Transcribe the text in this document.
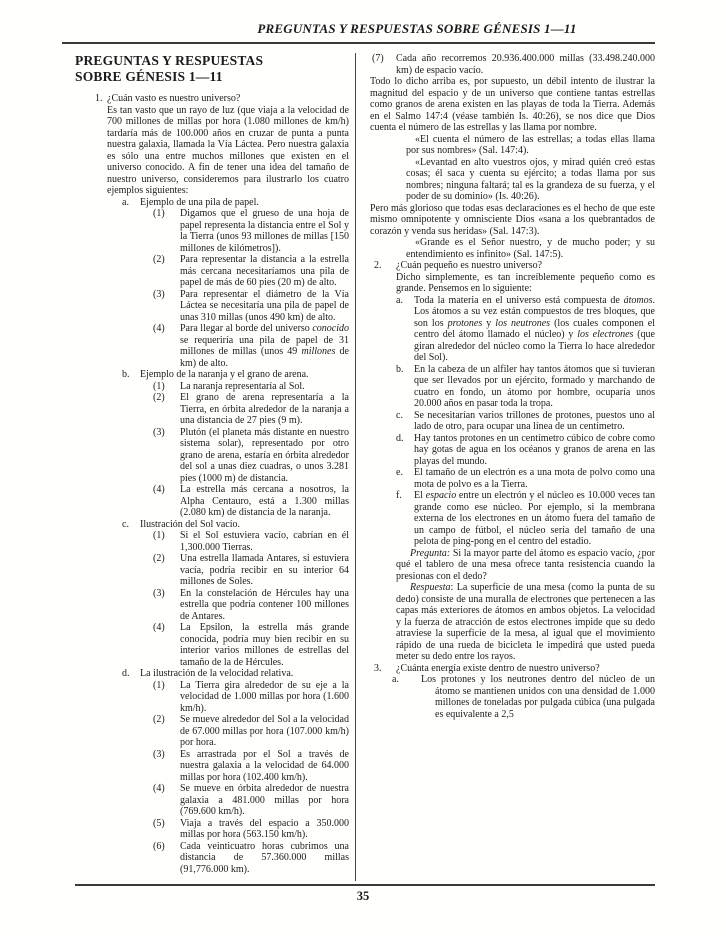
PREGUNTAS Y RESPUESTAS SOBRE GÉNESIS 1—11
PREGUNTAS Y RESPUESTAS
SOBRE GÉNESIS 1—11
1. ¿Cuán vasto es nuestro universo?
Es tan vasto que un rayo de luz (que viaja a la velocidad de 700 millones de millas por hora (1.080 millones de km/h) tardaría más de 100.000 años en cruzar de punta a punta nuestra galaxia, llamada la Vía Láctea. Pero nuestra galaxia es sólo una entre muchos millones que existen en el universo conocido. A fin de tener una idea del tamaño de nuestro universo, consideremos para ilustrarlo los cuatro ejemplos siguientes:
a. Ejemplo de una pila de papel.
(1) Digamos que el grueso de una hoja de papel representa la distancia entre el Sol y la Tierra (unos 93 millones de millas [150 millones de kilómetros]).
(2) Para representar la distancia a la estrella más cercana necesitaríamos una pila de papel de más de 60 pies (20 m) de alto.
(3) Para representar el diámetro de la Vía Láctea se necesitaría una pila de papel de unas 310 millas (unos 490 km) de alto.
(4) Para llegar al borde del universo conocido se requeriría una pila de papel de 31 millones de millas (unos 49 millones de km) de alto.
b. Ejemplo de la naranja y el grano de arena.
(1) La naranja representaría al Sol.
(2) El grano de arena representaría a la Tierra, en órbita alrededor de la naranja a una distancia de 27 pies (9 m).
(3) Plutón (el planeta más distante en nuestro sistema solar), representado por otro grano de arena, estaría en órbita alrededor del sol a unas diez cuadras, o unos 3.281 pies (1000 m) de distancia.
(4) La estrella más cercana a nosotros, la Alpha Centauro, está a 1.300 millas (2.080 km) de distancia de la naranja.
c. Ilustración del Sol vacío.
(1) Si el Sol estuviera vacío, cabrían en él 1,300.000 Tierras.
(2) Una estrella llamada Antares, si estuviera vacía, podría recibir en su interior 64 millones de Soles.
(3) En la constelación de Hércules hay una estrella que podría contener 100 millones de Antares.
(4) La Epsilon, la estrella más grande conocida, podría muy bien recibir en su interior varios millones de estrellas del tamaño de la de Hércules.
d. La ilustración de la velocidad relativa.
(1) La Tierra gira alrededor de su eje a la velocidad de 1.000 millas por hora (1.600 km/h).
(2) Se mueve alrededor del Sol a la velocidad de 67.000 millas por hora (107.000 km/h) por hora.
(3) Es arrastrada por el Sol a través de nuestra galaxia a la velocidad de 64.000 millas por hora (102.400 km/h).
(4) Se mueve en órbita alrededor de nuestra galaxia a 481.000 millas por hora (769.600 km/h).
(5) Viaja a través del espacio a 350.000 millas por hora (563.150 km/h).
(6) Cada veinticuatro horas cubrimos una distancia de 57.360.000 millas (91,776.000 km).
(7) Cada año recorremos 20.936.400.000 millas (33.498.240.000 km) de espacio vacío.
Todo lo dicho arriba es, por supuesto, un débil intento de ilustrar la magnitud del espacio y de un universo que contiene tantas estrellas como granos de arena existen en las playas de toda la Tierra. Además en el Salmo 147:4 (véase también Is. 40:26), se nos dice que Dios cuenta el número de las estrellas y las llama por nombre.
«El cuenta el número de las estrellas; a todas ellas llama por sus nombres» (Sal. 147:4).
«Levantad en alto vuestros ojos, y mirad quién creó estas cosas; él saca y cuenta su ejército; a todas llama por sus nombres; ninguna faltará; tal es la grandeza de su fuerza, y el poder de su dominio» (Is. 40:26).
Pero más glorioso que todas esas declaraciones es el hecho de que este mismo omnipotente y omnisciente Dios «sana a los quebrantados de corazón y venda sus heridas» (Sal. 147:3).
«Grande es el Señor nuestro, y de mucho poder; y su entendimiento es infinito» (Sal. 147:5).
2. ¿Cuán pequeño es nuestro universo?
Dicho simplemente, es tan increíblemente pequeño como es grande. Pensemos en lo siguiente:
a. Toda la materia en el universo está compuesta de átomos. Los átomos a su vez están compuestos de tres bloques, que son los protones y los neutrones (los cuales componen el centro del átomo llamado el núcleo) y los electrones (que giran alrededor del núcleo como la Tierra lo hace alrededor del Sol).
b. En la cabeza de un alfiler hay tantos átomos que si tuvieran que ser llevados por un ejército, formado y marchando de cuatro en fondo, un átomo por hombre, ocuparía unos 20.000 años en pasar toda la tropa.
c. Se necesitarían varios trillones de protones, puestos uno al lado de otro, para ocupar una línea de un centímetro.
d. Hay tantos protones en un centímetro cúbico de cobre como hay gotas de agua en los océanos y granos de arena en las playas del mundo.
e. El tamaño de un electrón es a una mota de polvo como una mota de polvo es a la Tierra.
f. El espacio entre un electrón y el núcleo es 10.000 veces tan grande como ese núcleo. Por ejemplo, si la membrana externa de los electrones en un átomo fuera del tamaño de un campo de fútbol, el núcleo sería del tamaño de una pelota de ping-pong en el centro del estadio.
Pregunta: Si la mayor parte del átomo es espacio vacío, ¿por qué el tablero de una mesa ofrece tanta resistencia cuando la presionas con el dedo?
Respuesta: La superficie de una mesa (como la punta de su dedo) consiste de una muralla de electrones que pertenecen a las capas más exteriores de átomos en ambos objetos. La velocidad y la fuerza de atracción de estos electrones impide que su dedo atraviese la superficie de la mesa, al igual que el movimiento rápido de una rueda de bicicleta le impedirá que usted pueda meter su dedo entre los rayos.
3. ¿Cuánta energía existe dentro de nuestro universo?
a.	Los protones y los neutrones dentro del núcleo de un átomo se mantienen unidos con una densidad de 1.000 millones de toneladas por pulgada cúbica (una pulgada es equivalente a 2,5
35
